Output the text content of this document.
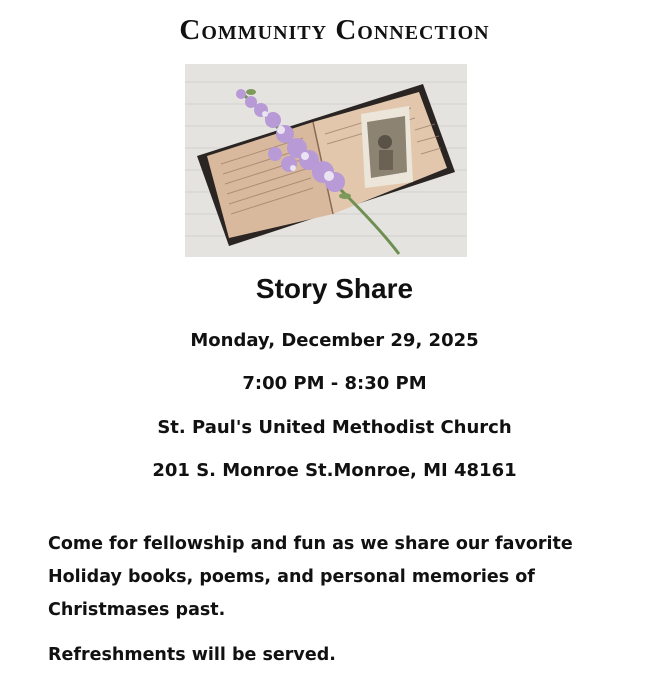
Community Connection
Story Share
Monday, December 29, 2025
7:00 PM - 8:30 PM
St. Paul's United Methodist Church
201 S. Monroe St.Monroe, MI 48161
Come for fellowship and fun as we share our favorite Holiday books, poems, and personal memories of Christmases past.
Refreshments will be served.
